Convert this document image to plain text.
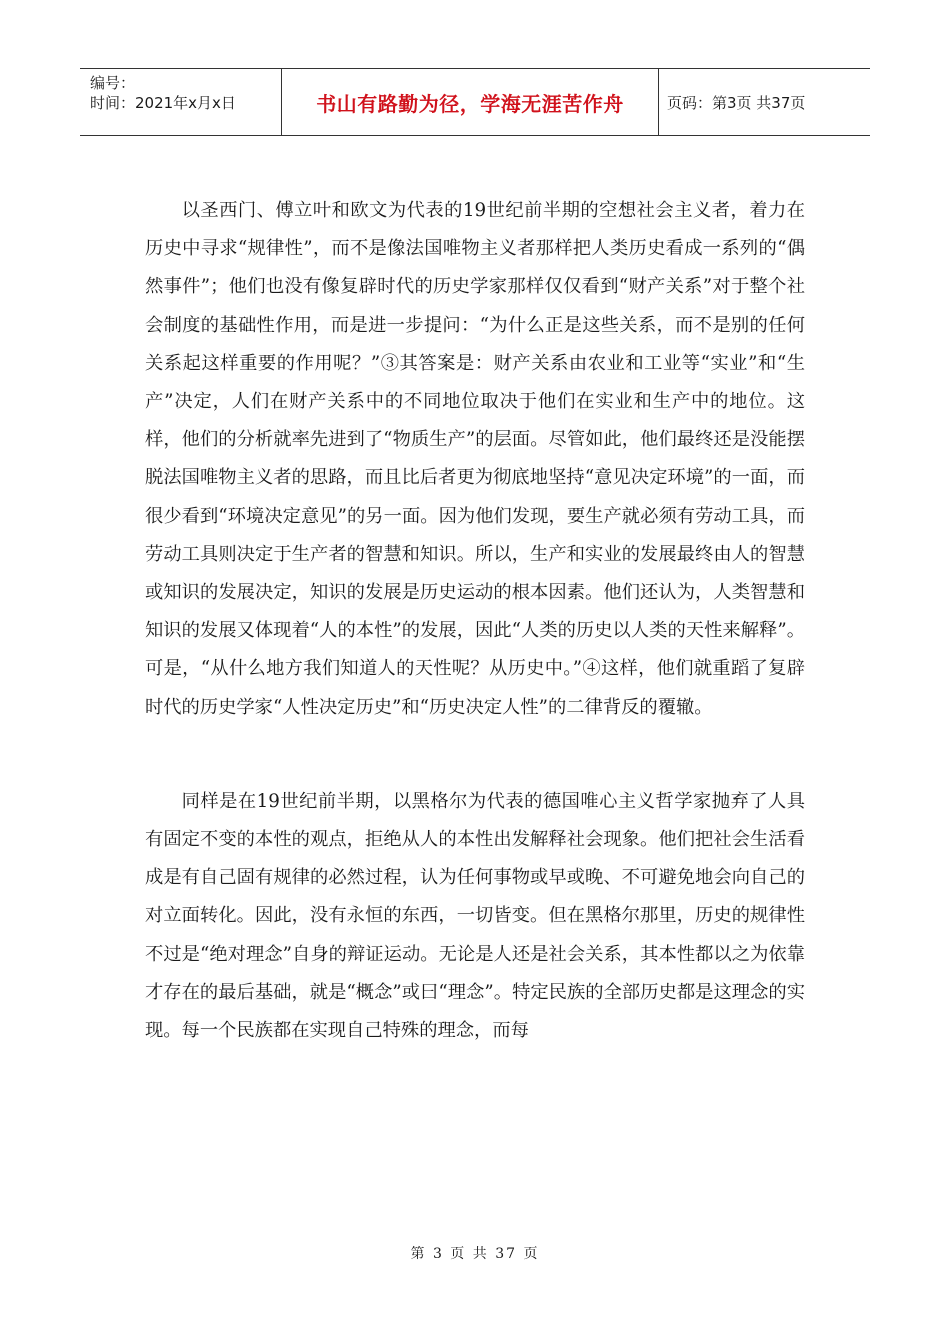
编号：
时间：2021年x月x日	书山有路勤为径，学海无涯苦作舟	页码：第3页 共37页

以圣西门、傅立叶和欧文为代表的19世纪前半期的空想社会主义者，着力在历史中寻求“规律性”，而不是像法国唯物主义者那样把人类历史看成一系列的“偶然事件”；他们也没有像复辟时代的历史学家那样仅仅看到“财产关系”对于整个社会制度的基础性作用，而是进一步提问：“为什么正是这些关系，而不是别的任何关系起这样重要的作用呢？”③其答案是：财产关系由农业和工业等“实业”和“生产”决定，人们在财产关系中的不同地位取决于他们在实业和生产中的地位。这样，他们的分析就率先进到了“物质生产”的层面。尽管如此，他们最终还是没能摆脱法国唯物主义者的思路，而且比后者更为彻底地坚持“意见决定环境”的一面，而很少看到“环境决定意见”的另一面。因为他们发现，要生产就必须有劳动工具，而劳动工具则决定于生产者的智慧和知识。所以，生产和实业的发展最终由人的智慧或知识的发展决定，知识的发展是历史运动的根本因素。他们还认为，人类智慧和知识的发展又体现着“人的本性”的发展，因此“人类的历史以人类的天性来解释”。可是，“从什么地方我们知道人的天性呢？从历史中。”④这样，他们就重蹈了复辟时代的历史学家“人性决定历史”和“历史决定人性”的二律背反的覆辙。

同样是在19世纪前半期，以黑格尔为代表的德国唯心主义哲学家抛弃了人具有固定不变的本性的观点，拒绝从人的本性出发解释社会现象。他们把社会生活看成是有自己固有规律的必然过程，认为任何事物或早或晚、不可避免地会向自己的对立面转化。因此，没有永恒的东西，一切皆变。但在黑格尔那里，历史的规律性不过是“绝对理念”自身的辩证运动。无论是人还是社会关系，其本性都以之为依靠才存在的最后基础，就是“概念”或曰“理念”。特定民族的全部历史都是这理念的实现。每一个民族都在实现自己特殊的理念，而每

第 3 页 共 37 页
